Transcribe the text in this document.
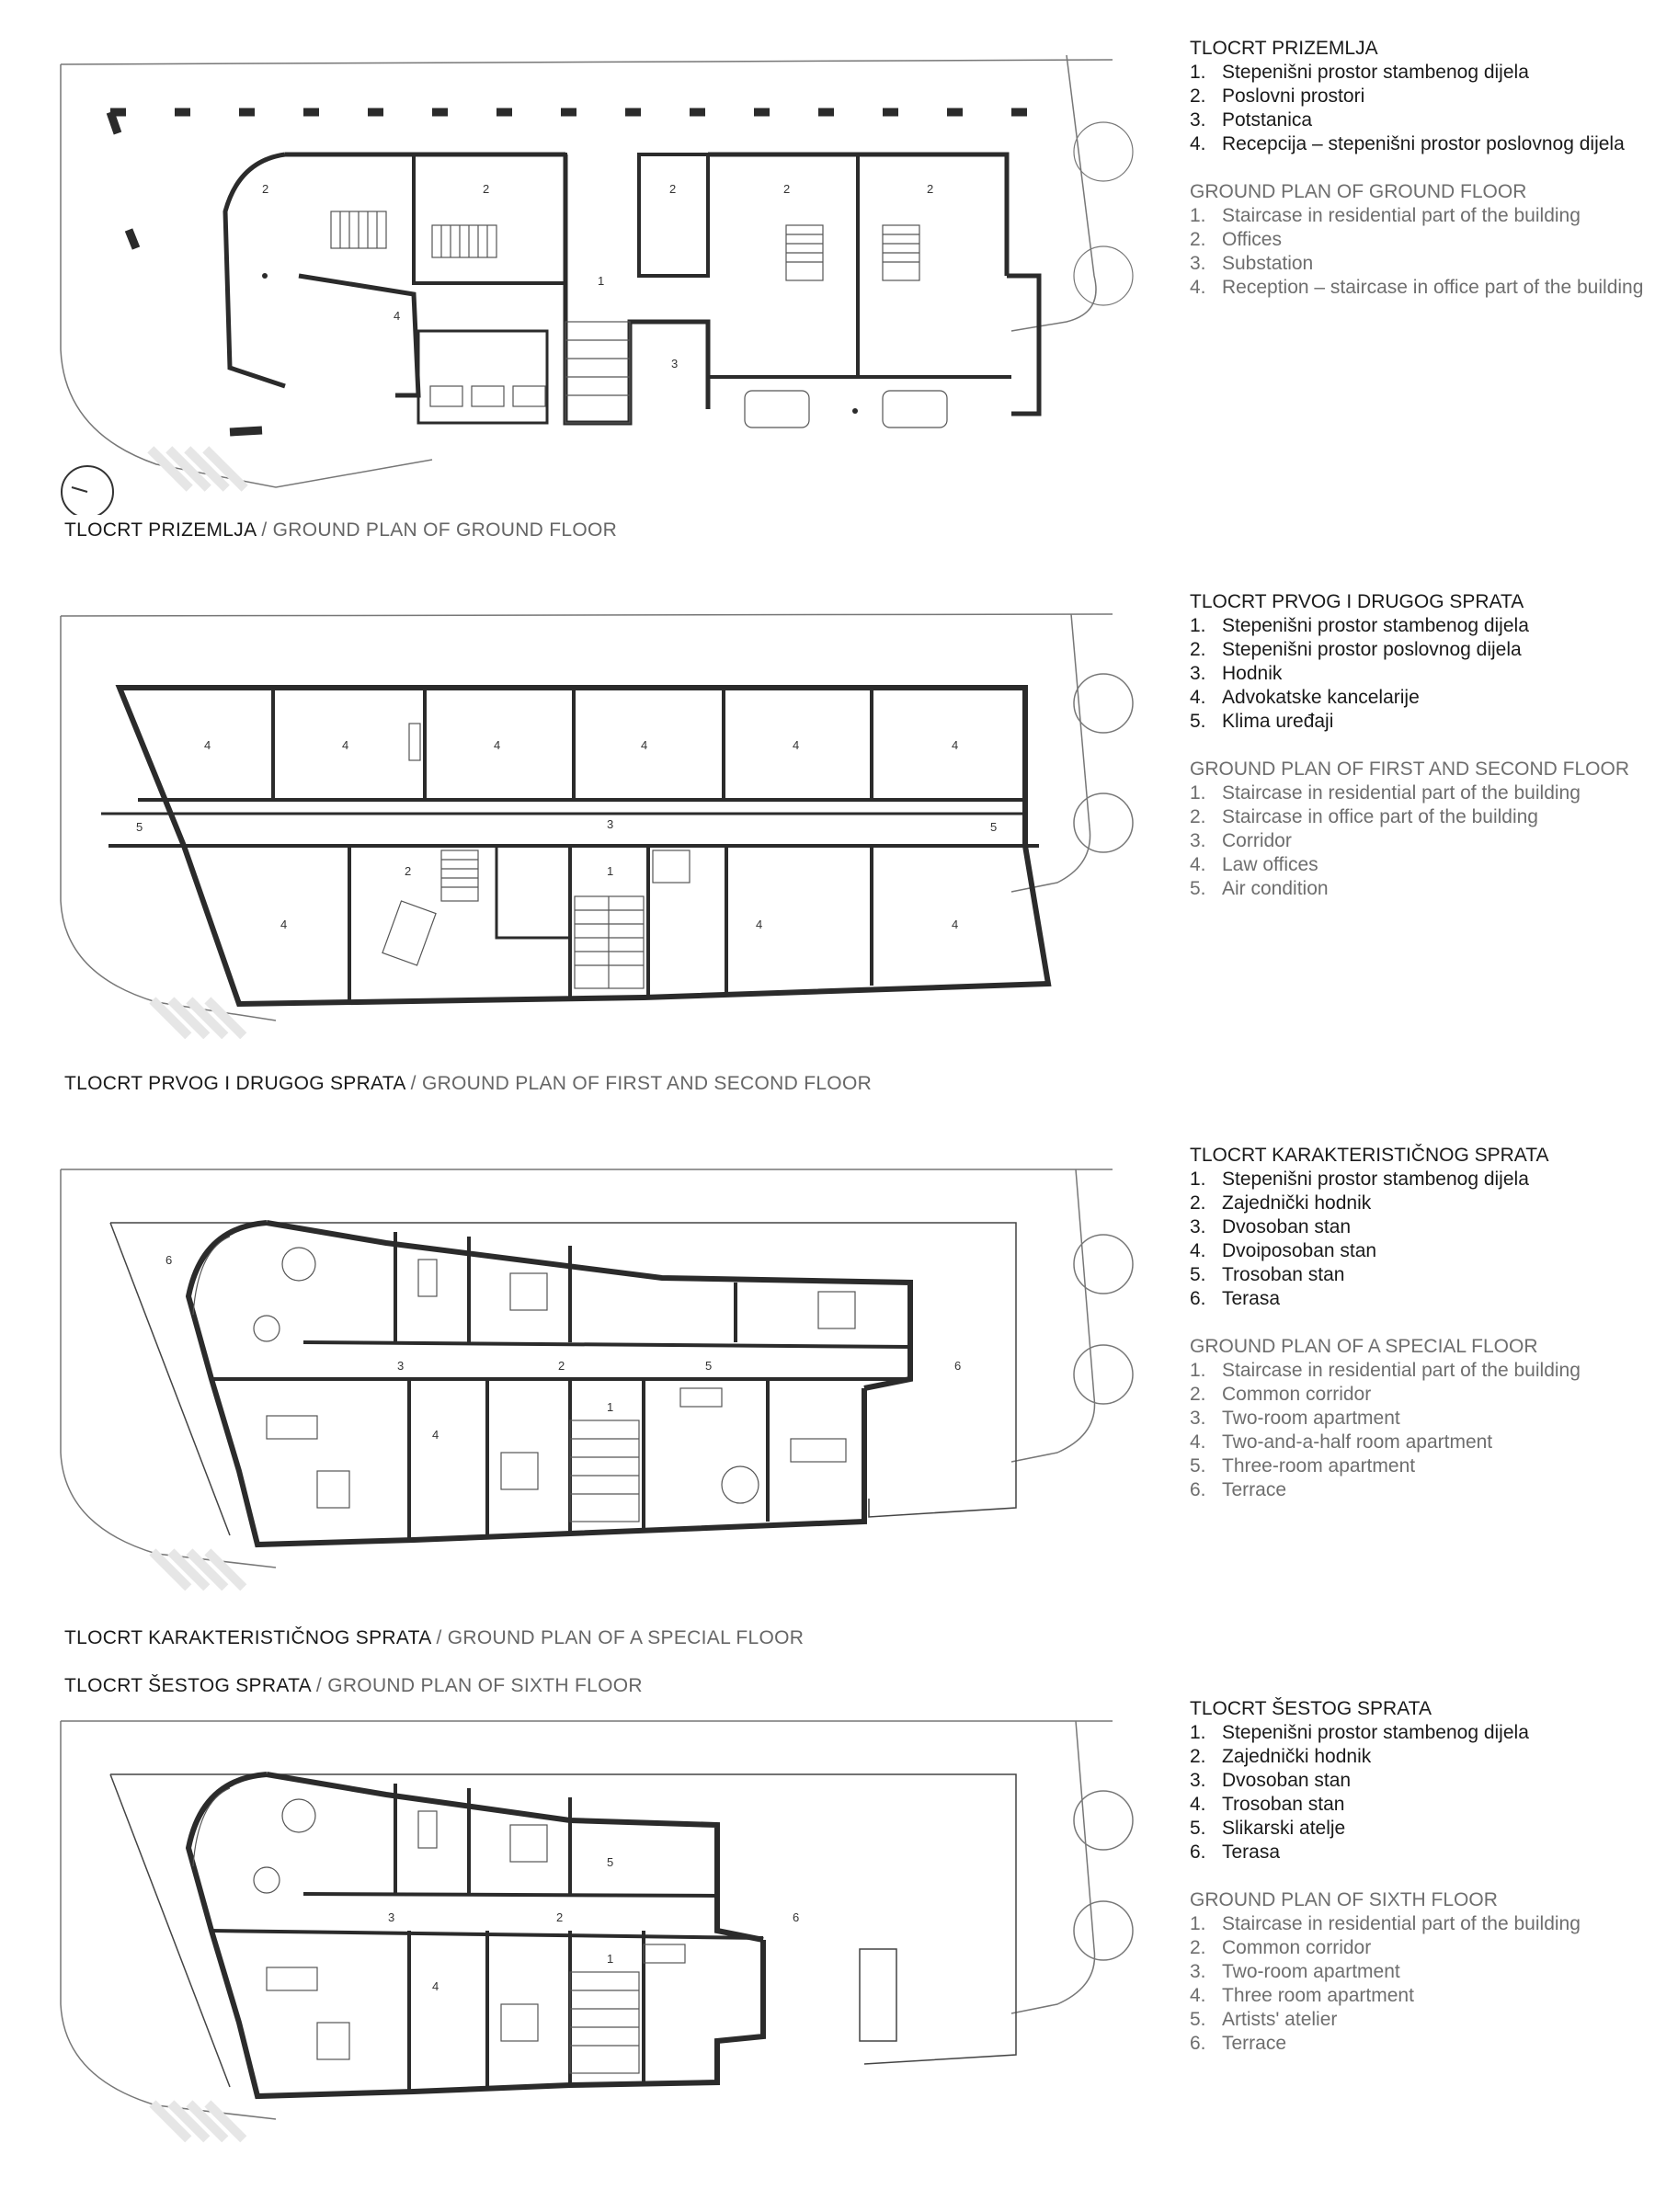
2	2
1
2	2	2
4
3
4	4	4	4	4	4
5	3	5
2	1
4	4	4
6
3	2	5	6
1
4
5
3	2	6
1
4
TLOCRT PRIZEMLJA / GROUND PLAN OF GROUND FLOOR
TLOCRT PRVOG I DRUGOG SPRATA / GROUND PLAN OF FIRST AND SECOND FLOOR
TLOCRT KARAKTERISTIČNOG SPRATA / GROUND PLAN OF A SPECIAL FLOOR
TLOCRT ŠESTOG SPRATA / GROUND PLAN OF SIXTH FLOOR

TLOCRT PRIZEMLJA

1. Stepenišni prostor stambenog dijela
2. Poslovni prostori
3. Potstanica
4. Recepcija – stepenišni prostor poslovnog dijela

GROUND PLAN OF GROUND FLOOR

1. Staircase in residential part of the building
2. Offices
3. Substation
4. Reception – staircase in office part of the building

TLOCRT PRVOG I DRUGOG SPRATA

1. Stepenišni prostor stambenog dijela
2. Stepenišni prostor poslovnog dijela
3. Hodnik
4. Advokatske kancelarije
5. Klima uređaji

GROUND PLAN OF FIRST AND SECOND FLOOR

1. Staircase in residential part of the building
2. Staircase in office part of the building
3. Corridor
4. Law offices
5. Air condition

TLOCRT KARAKTERISTIČNOG SPRATA

1. Stepenišni prostor stambenog dijela
2. Zajednički hodnik
3. Dvosoban stan
4. Dvoiposoban stan
5. Trosoban stan
6. Terasa

GROUND PLAN OF A SPECIAL FLOOR

1. Staircase in residential part of the building
2. Common corridor
3. Two-room apartment
4. Two-and-a-half room apartment
5. Three-room apartment
6. Terrace

TLOCRT ŠESTOG SPRATA

1. Stepenišni prostor stambenog dijela
2. Zajednički hodnik
3. Dvosoban stan
4. Trosoban stan
5. Slikarski atelje
6. Terasa

GROUND PLAN OF SIXTH FLOOR

1. Staircase in residential part of the building
2. Common corridor
3. Two-room apartment
4. Three room apartment
5. Artists' atelier
6. Terrace
